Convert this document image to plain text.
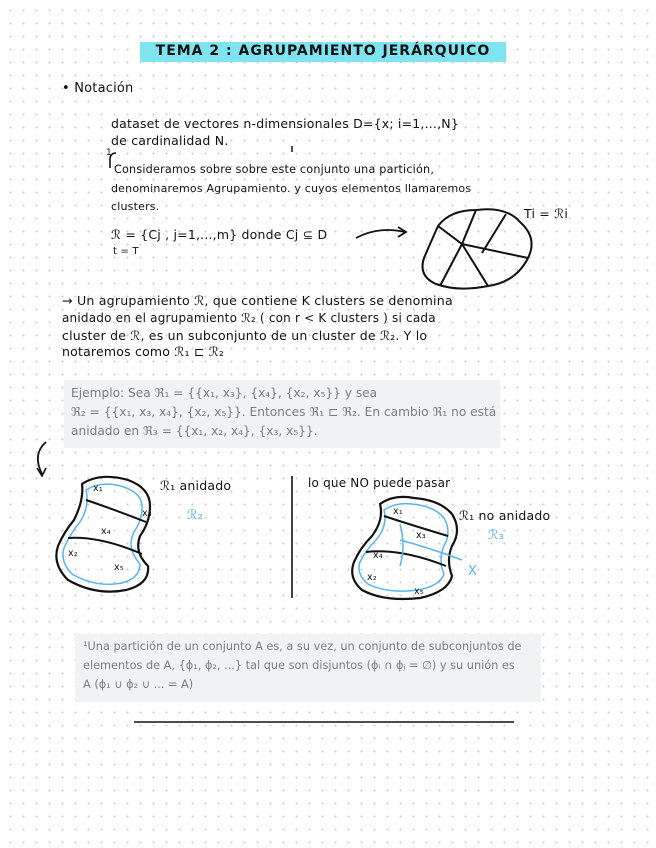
TEMA 2 : AGRUPAMIENTO JERÁRQUICO
• Notación
dataset de vectores n-dimensionales D={x; i=1,...,N}
de cardinalidad N.
1
Consideramos sobre sobre este conjunto una partición,
denominaremos Agrupamiento. y cuyos elementos llamaremos
clusters.
ℛ = {Cj , j=1,...,m} donde Cj ⊆ D
t = T
Ti = ℛi
→ Un agrupamiento ℛ, que contiene K clusters se denomina
anidado en el agrupamiento ℛ₂ ( con r < K clusters ) si cada
cluster de ℛ, es un subconjunto de un cluster de ℛ₂. Y lo
notaremos como ℛ₁ ⊏ ℛ₂
Ejemplo: Sea ℜ₁ = {{x₁, x₃}, {x₄}, {x₂, x₅}} y sea
ℜ₂ = {{x₁, x₃, x₄}, {x₂, x₅}}. Entonces ℜ₁ ⊏ ℜ₂. En cambio ℜ₁ no está
anidado en ℜ₃ = {{x₁, x₂, x₄}, {x₃, x₅}}.
¹Una partición de un conjunto A es, a su vez, un conjunto de subconjuntos de
elementos de A, {ϕ₁, ϕ₂, ...} tal que son disjuntos (ϕᵢ ∩ ϕⱼ = ∅) y su unión es
A (ϕ₁ ∪ ϕ₂ ∪ ... = A)
ℛ₁ anidado
ℛ₂
x₁
x₃
x₄
x₂
x₅
lo que NO puede pasar
ℛ₁ no anidado
ℛ₃
X
x₁
x₃
x₄
x₂
x₅
